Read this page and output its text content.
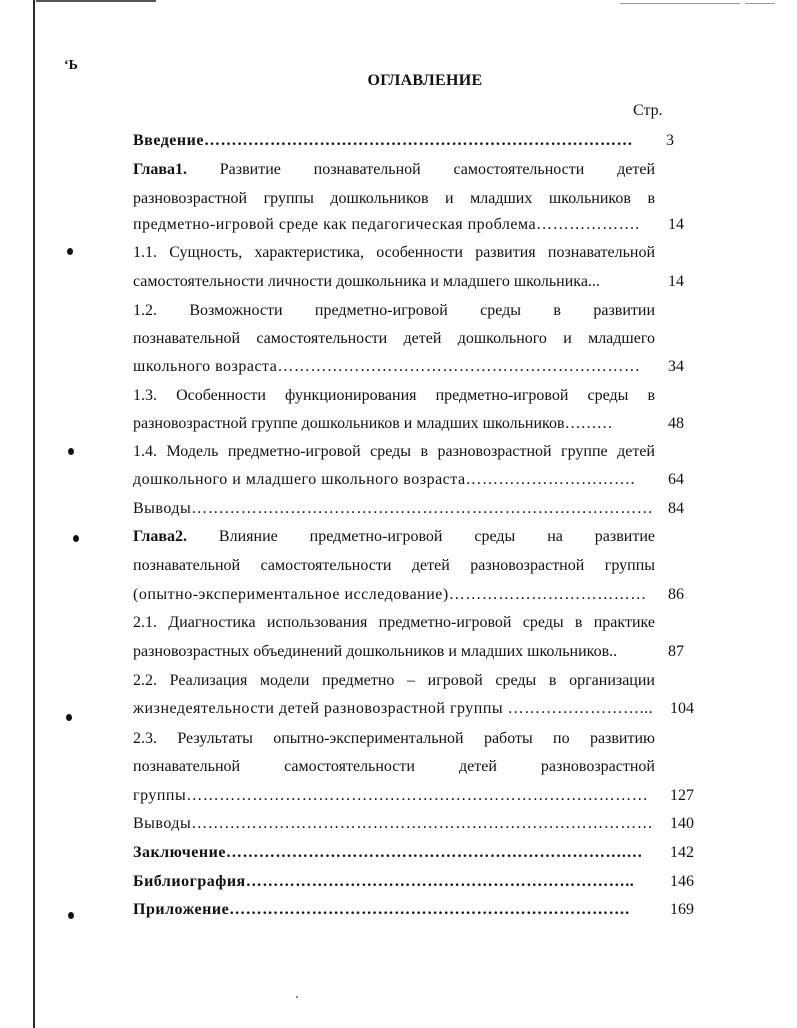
‘Ь
ОГЛАВЛЕНИЕ
Стр.
Введение……………………………………………………………………	3
Глава1. Развитие познавательной самостоятельности детей
разновозрастной группы дошкольников и младших школьников в
предметно-игровой среде как педагогическая проблема……………….	14
1.1. Сущность, характеристика, особенности развития познавательной
самостоятельности личности дошкольника и младшего школьника...	14
1.2. Возможности предметно-игровой среды в развитии
познавательной самостоятельности детей дошкольного и младшего
школьного возраста…………………………………………………………	34
1.3. Особенности функционирования предметно-игровой среды в
разновозрастной группе дошкольников и младших школьников………	48
1.4. Модель предметно-игровой среды в разновозрастной группе детей
дошкольного и младшего школьного возраста………………………….	64
Выводы………………………………………………………………………… 84
Глава2. Влияние предметно-игровой среды на развитие
познавательной самостоятельности детей разновозрастной группы
(опытно-экспериментальное исследование)………………………………	86
2.1. Диагностика использования предметно-игровой среды в практике
разновозрастных объединений дошкольников и младших школьников..	87
2.2. Реализация модели предметно – игровой среды в организации
жизнедеятельности детей разновозрастной группы ……………………...	104
2.3. Результаты опытно-экспериментальной работы по развитию
познавательной самостоятельности детей разновозрастной
группы…………………………………………………………………………	127
Выводы…………………………………………………………………………	140
Заключение……………………………………………………………….…	142
Библиография……………………………………………………………..	146
Приложение……………………………………………………………….	169
